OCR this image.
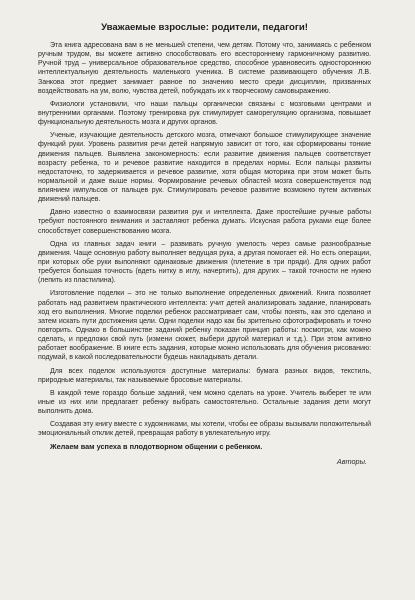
Уважаемые взрослые: родители, педагоги!

Эта книга адресована вам в не меньшей степени, чем детям. Потому что, занимаясь с ребенком ручным трудом, вы можете активно способствовать его всестороннему гармоничному развитию. Ручной труд – универсальное образовательное средство, способное уравновесить одностороннюю интеллектуальную деятельность маленького ученика. В системе развивающего обучения Л.В. Занкова этот предмет занимает равное по значению место среди дисциплин, призванных воздействовать на ум, волю, чувства детей, побуждать их к творческому самовыражению.

Физиологи установили, что наши пальцы органически связаны с мозговыми центрами и внутренними органами. Поэтому тренировка рук стимулирует саморегуляцию организма, повышает функциональную деятельность мозга и других органов.

Ученые, изучающие деятельность детского мозга, отмечают большое стимулирующее значение функций руки. Уровень развития речи детей напрямую зависит от того, как сформированы тонкие движения пальцев. Выявлена закономерность: если развитие движения пальцев соответствует возрасту ребенка, то и речевое развитие находится в пределах нормы. Если пальцы развиты недостаточно, то задерживается и речевое развитие, хотя общая моторика при этом может быть нормальной и даже выше нормы. Формирование речевых областей мозга совершенствуется под влиянием импульсов от пальцев рук. Стимулировать речевое развитие возможно путем активных движений пальцев.

Давно известно о взаимосвязи развития рук и интеллекта. Даже простейшие ручные работы требуют постоянного внимания и заставляют ребенка думать. Искусная работа руками еще более способствует совершенствованию мозга.

Одна из главных задач книги – развивать ручную умелость через самые разнообразные движения. Чаще основную работу выполняет ведущая рука, а другая помогает ей. Но есть операции, при которых обе руки выполняют одинаковые движения (плетение в три пряди). Для одних работ требуется большая точность (вдеть нитку в иглу, начертить), для других – такой точности не нужно (лепить из пластилина).

Изготовление поделки – это не только выполнение определенных движений. Книга позволяет работать над развитием практического интеллекта: учит детей анализировать задание, планировать ход его выполнения. Многие поделки ребенок рассматривает сам, чтобы понять, как это сделано и затем искать пути достижения цели. Одни поделки надо как бы зрительно сфотографировать и точно повторить. Однако в большинстве заданий ребенку показан принцип работы: посмотри, как можно сделать, и предложи свой путь (измени сюжет, выбери другой материал и т.д.). При этом активно работает воображение. В книге есть задания, которые можно использовать для обучения рисованию: подумай, в какой последовательности будешь накладывать детали.

Для всех поделок используются доступные материалы: бумага разных видов, текстиль, природные материалы, так называемые бросовые материалы.

В каждой теме гораздо больше заданий, чем можно сделать на уроке. Учитель выберет те или иные из них или предлагает ребенку выбрать самостоятельно. Остальные задания дети могут выполнить дома.

Создавая эту книгу вместе с художниками, мы хотели, чтобы ее образы вызывали положительный эмоциональный отклик детей, превращая работу в увлекательную игру.

Желаем вам успеха в плодотворном общении с ребенком.

Авторы.
